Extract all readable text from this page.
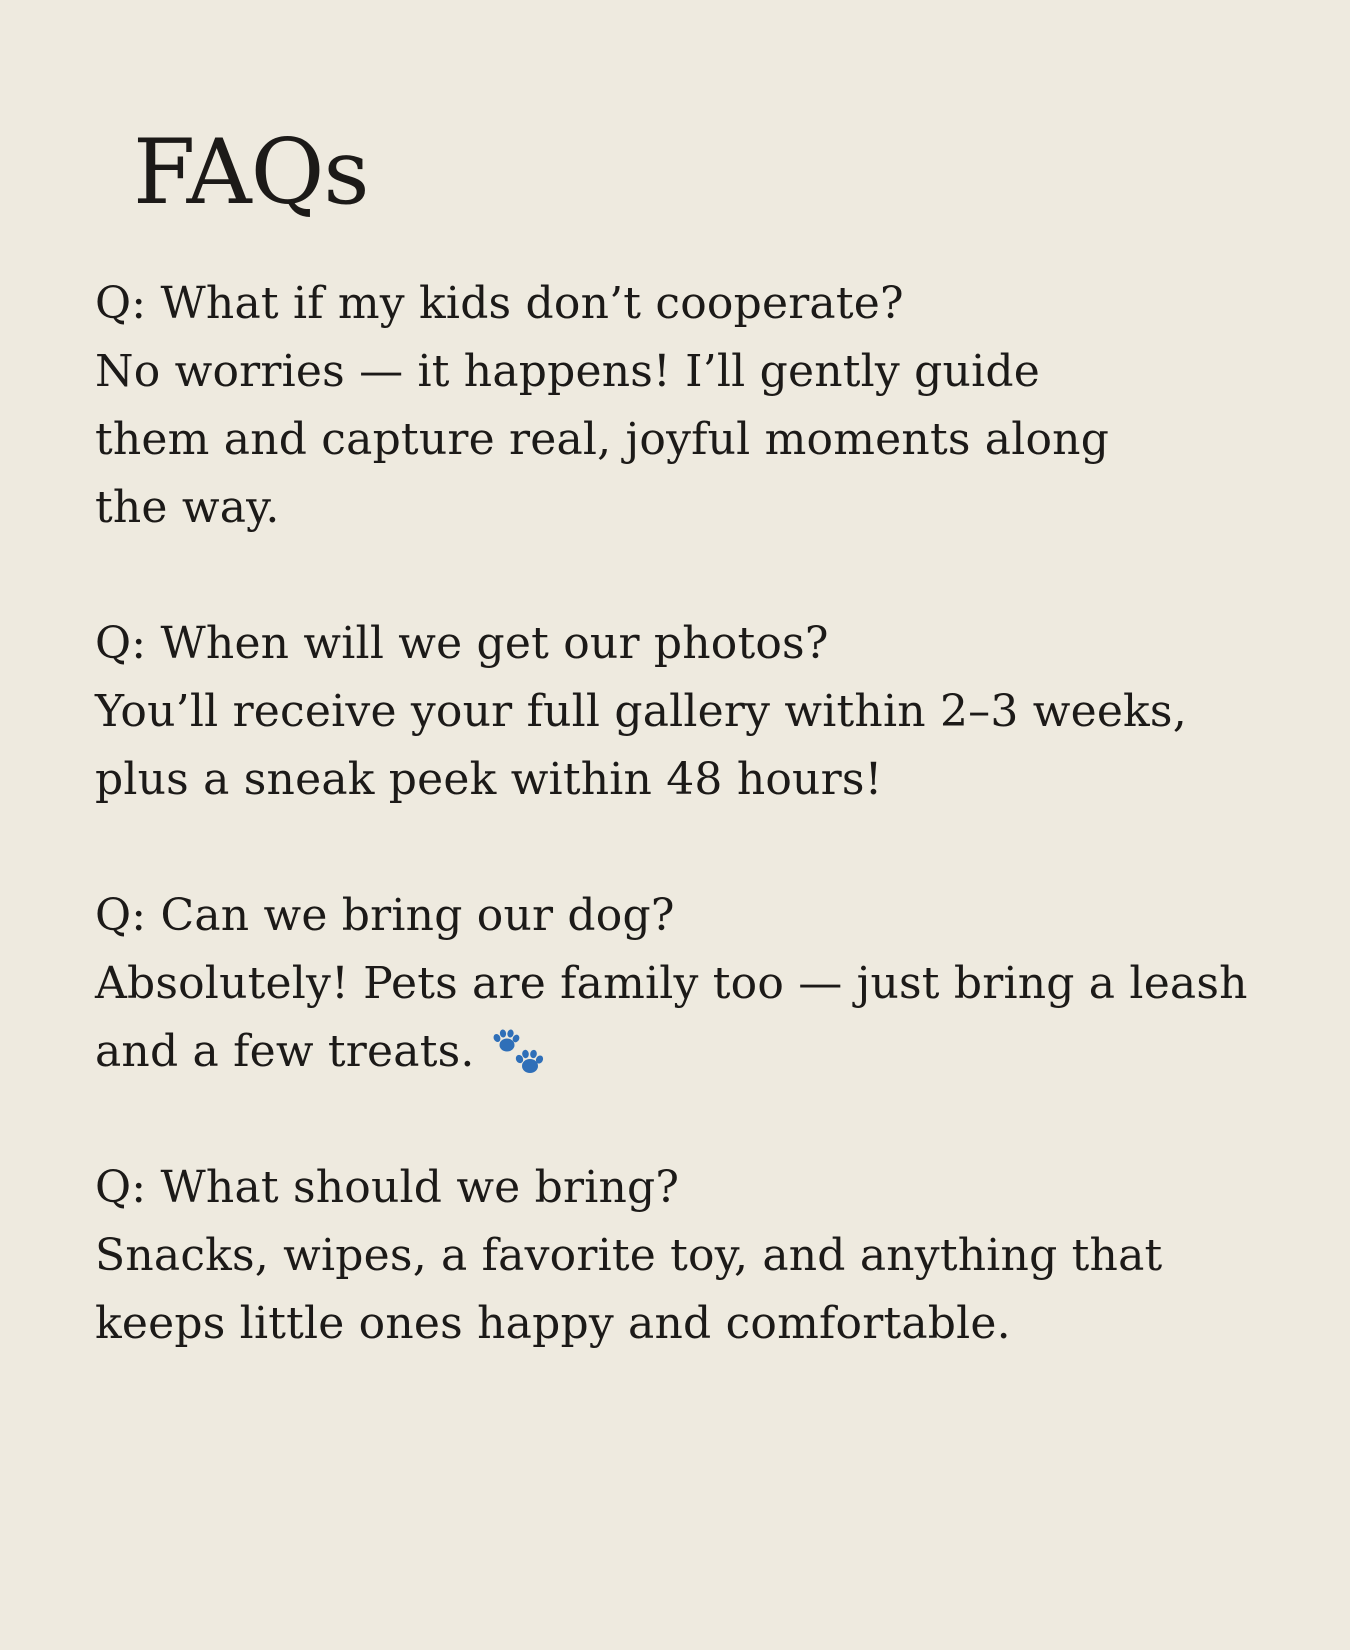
FAQs

Q: What if my kids don’t cooperate?

No worries — it happens! I’ll gently guide
them and capture real, joyful moments along
the way.

Q: When will we get our photos?

You’ll receive your full gallery within 2–3 weeks,
plus a sneak peek within 48 hours!

Q: Can we bring our dog?

Absolutely! Pets are family too — just bring a leash
and a few treats.

Q: What should we bring?

Snacks, wipes, a favorite toy, and anything that
keeps little ones happy and comfortable.
